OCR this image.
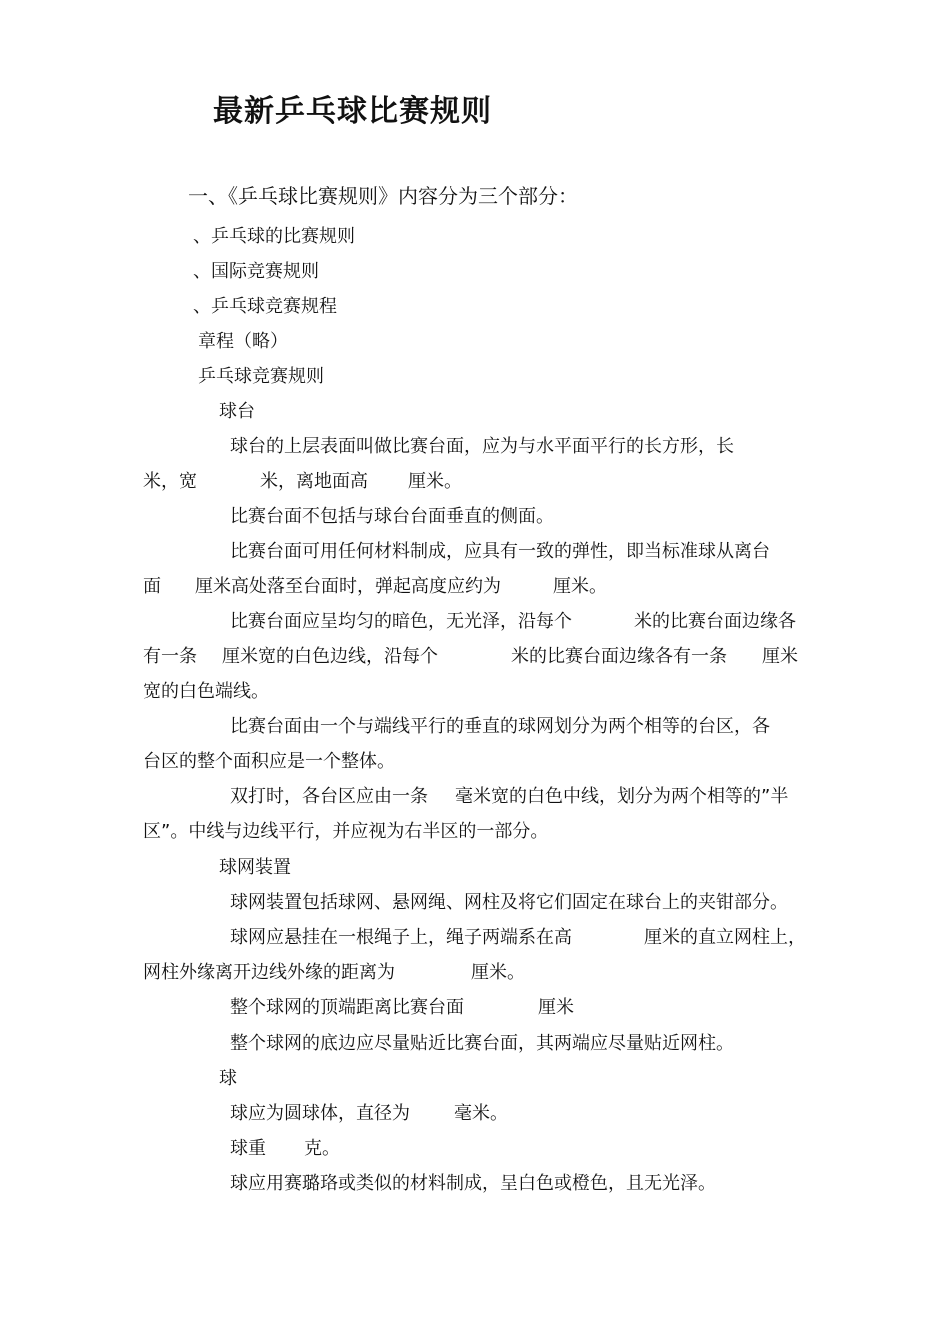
最新乒乓球比赛规则

一、《乒乓球比赛规则》内容分为三个部分：

、乒乓球的比赛规则

、国际竞赛规则

、乒乓球竞赛规程

章程（略）

乒乓球竞赛规则

球台

球台的上层表面叫做比赛台面，应为与水平面平行的长方形，长

米，宽	米，离地面高 厘米。

比赛台面不包括与球台台面垂直的侧面。

比赛台面可用任何材料制成，应具有一致的弹性，即当标准球从离台

面 厘米高处落至台面时，弹起高度应约为	厘米。
比赛台面应呈均匀的暗色，无光泽，沿每个	米的比赛台面边缘各
有一条 厘米宽的白色边线，沿每个	米的比赛台面边缘各有一条 厘米

宽的白色端线。

比赛台面由一个与端线平行的垂直的球网划分为两个相等的台区，各

台区的整个面积应是一个整体。

双打时，各台区应由一条 毫米宽的白色中线，划分为两个相等的”半

区”。中线与边线平行，并应视为右半区的一部分。

球网装置

球网装置包括球网、悬网绳、网柱及将它们固定在球台上的夹钳部分。

球网应悬挂在一根绳子上，绳子两端系在高	厘米的直立网柱上，
网柱外缘离开边线外缘的距离为	厘米。
整个球网的顶端距离比赛台面	厘米

整个球网的底边应尽量贴近比赛台面，其两端应尽量贴近网柱。

球

球应为圆球体，直径为 毫米。
球重 克。

球应用赛璐珞或类似的材料制成，呈白色或橙色，且无光泽。
